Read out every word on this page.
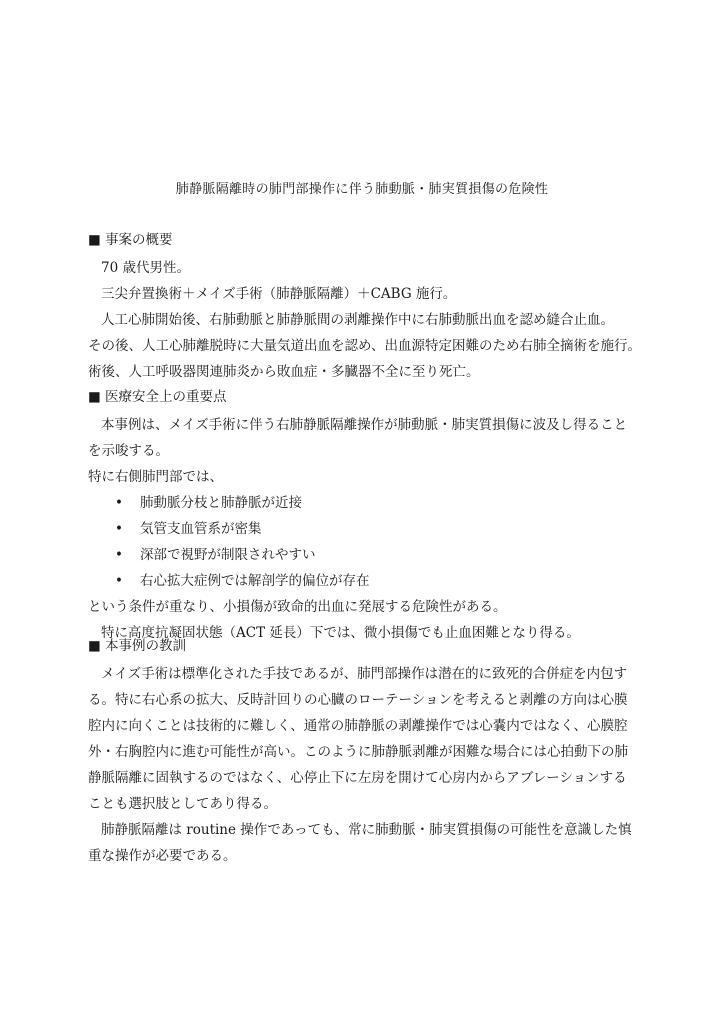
肺静脈隔離時の肺門部操作に伴う肺動脈・肺実質損傷の危険性
■ 事案の概要
70 歳代男性。
三尖弁置換術＋メイズ手術（肺静脈隔離）＋CABG 施行。
人工心肺開始後、右肺動脈と肺静脈間の剥離操作中に右肺動脈出血を認め縫合止血。
その後、人工心肺離脱時に大量気道出血を認め、出血源特定困難のため右肺全摘術を施行。
術後、人工呼吸器関連肺炎から敗血症・多臓器不全に至り死亡。
■ 医療安全上の重要点
本事例は、メイズ手術に伴う右肺静脈隔離操作が肺動脈・肺実質損傷に波及し得ること
を示唆する。
特に右側肺門部では、
• 肺動脈分枝と肺静脈が近接
• 気管支血管系が密集
• 深部で視野が制限されやすい
• 右心拡大症例では解剖学的偏位が存在
という条件が重なり、小損傷が致命的出血に発展する危険性がある。
特に高度抗凝固状態（ACT 延長）下では、微小損傷でも止血困難となり得る。
■ 本事例の教訓
メイズ手術は標準化された手技であるが、肺門部操作は潜在的に致死的合併症を内包す
る。特に右心系の拡大、反時計回りの心臓のローテーションを考えると剥離の方向は心膜
腔内に向くことは技術的に難しく、通常の肺静脈の剥離操作では心嚢内ではなく、心膜腔
外・右胸腔内に進む可能性が高い。このように肺静脈剥離が困難な場合には心拍動下の肺
静脈隔離に固執するのではなく、心停止下に左房を開けて心房内からアブレーションする
ことも選択肢としてあり得る。
肺静脈隔離は routine 操作であっても、常に肺動脈・肺実質損傷の可能性を意識した慎
重な操作が必要である。
